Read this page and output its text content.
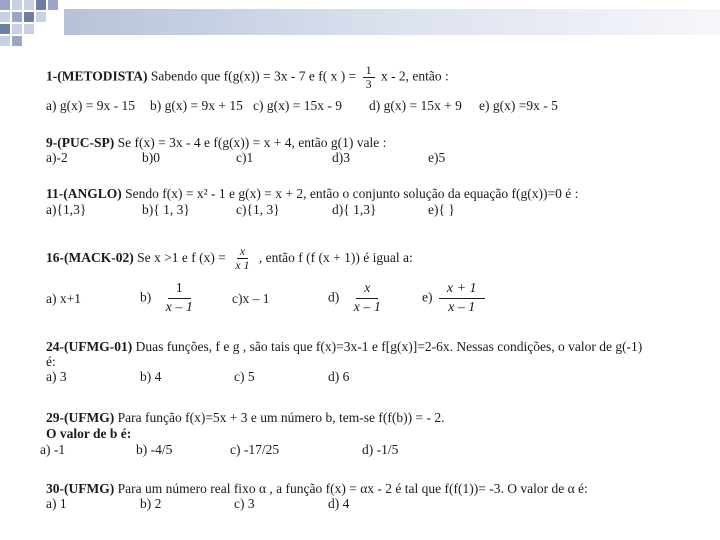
1-(METODISTA) Sabendo que f(g(x)) = 3x - 7 e f( x ) = $\frac{1}{3}$ x - 2, então :
a) g(x) = 9x - 15 b) g(x) = 9x + 15 c) g(x) = 15x - 9 d) g(x) = 15x + 9 e) g(x) =9x - 5
9-(PUC-SP) Se f(x) = 3x - 4 e f(g(x)) = x + 4, então g(1) vale :
a)-2	b)0	c)1	d)3	e)5
11-(ANGLO) Sendo f(x) = x² - 1 e g(x) = x + 2, então o conjunto solução da equação f(g(x))=0 é :
a){1,3}	b){ 1, 3}	c){1, 3}	d){ 1,3}	e){ }
16-(MACK-02) Se x >1 e f $(x) = \frac{x}{x 1}$ , então f (f (x + 1)) é igual a:
a) x+1	$b) \frac{1}{x - 1} c)x - 1$	$d) \frac{x}{x - 1} e) \frac{x + 1}{x - 1}$
24-(UFMG-01) Duas funções, f e g , são tais que f(x)=3x-1 e f[g(x)]=2-6x. Nessas condições, o valor de g(-1)
é:
a) 3	b) 4	c) 5	d) 6
29-(UFMG) Para função f(x)=5x + 3 e um número b, tem-se f(f(b)) = - 2.
O valor de b é:
a) -1	b) -4/5	c) -17/25	d) -1/5
30-(UFMG) Para um número real fixo α , a função f(x) = αx - 2 é tal que f(f(1))= -3. O valor de α é:
a) 1	b) 2	c) 3	d) 4
